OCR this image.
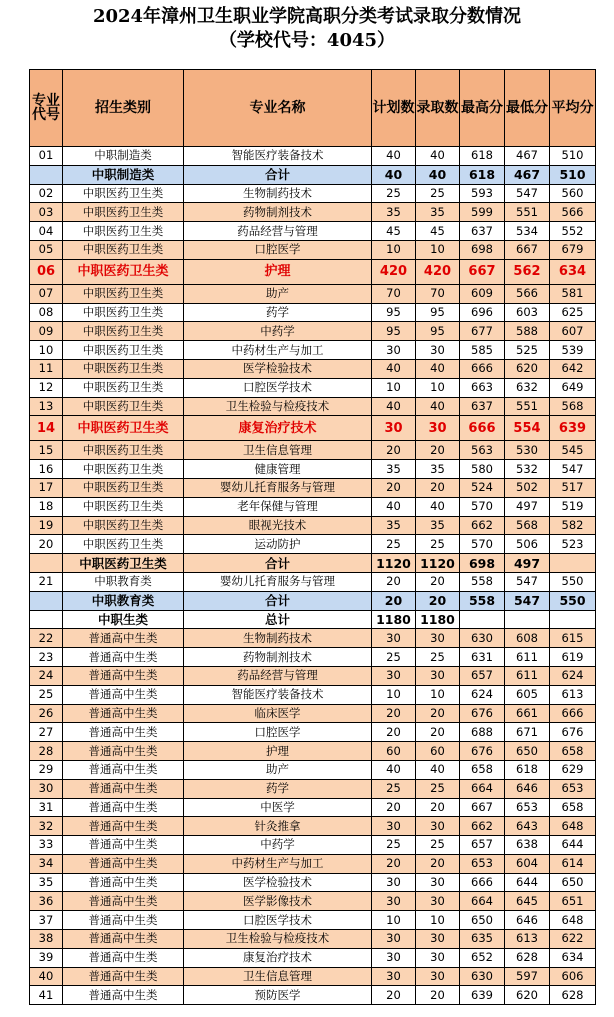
2024年漳州卫生职业学院高职分类考试录取分数情况
（学校代号：4045）
专业代号	招生类别	专业名称	计划数	录取数	最高分	最低分	平均分
01	中职制造类	智能医疗装备技术	40	40	618	467	510
	中职制造类	合计	40	40	618	467	510
02	中职医药卫生类	生物制药技术	25	25	593	547	560
03	中职医药卫生类	药物制剂技术	35	35	599	551	566
04	中职医药卫生类	药品经营与管理	45	45	637	534	552
05	中职医药卫生类	口腔医学	10	10	698	667	679
06	中职医药卫生类	护理	420	420	667	562	634
07	中职医药卫生类	助产	70	70	609	566	581
08	中职医药卫生类	药学	95	95	696	603	625
09	中职医药卫生类	中药学	95	95	677	588	607
10	中职医药卫生类	中药材生产与加工	30	30	585	525	539
11	中职医药卫生类	医学检验技术	40	40	666	620	642
12	中职医药卫生类	口腔医学技术	10	10	663	632	649
13	中职医药卫生类	卫生检验与检疫技术	40	40	637	551	568
14	中职医药卫生类	康复治疗技术	30	30	666	554	639
15	中职医药卫生类	卫生信息管理	20	20	563	530	545
16	中职医药卫生类	健康管理	35	35	580	532	547
17	中职医药卫生类	婴幼儿托育服务与管理	20	20	524	502	517
18	中职医药卫生类	老年保健与管理	40	40	570	497	519
19	中职医药卫生类	眼视光技术	35	35	662	568	582
20	中职医药卫生类	运动防护	25	25	570	506	523
	中职医药卫生类	合计	1120	1120	698	497	
21	中职教育类	婴幼儿托育服务与管理	20	20	558	547	550
	中职教育类	合计	20	20	558	547	550
	中职生类	总计	1180	1180			
22	普通高中生类	生物制药技术	30	30	630	608	615
23	普通高中生类	药物制剂技术	25	25	631	611	619
24	普通高中生类	药品经营与管理	30	30	657	611	624
25	普通高中生类	智能医疗装备技术	10	10	624	605	613
26	普通高中生类	临床医学	20	20	676	661	666
27	普通高中生类	口腔医学	20	20	688	671	676
28	普通高中生类	护理	60	60	676	650	658
29	普通高中生类	助产	40	40	658	618	629
30	普通高中生类	药学	25	25	664	646	653
31	普通高中生类	中医学	20	20	667	653	658
32	普通高中生类	针灸推拿	30	30	662	643	648
33	普通高中生类	中药学	25	25	657	638	644
34	普通高中生类	中药材生产与加工	20	20	653	604	614
35	普通高中生类	医学检验技术	30	30	666	644	650
36	普通高中生类	医学影像技术	30	30	664	645	651
37	普通高中生类	口腔医学技术	10	10	650	646	648
38	普通高中生类	卫生检验与检疫技术	30	30	635	613	622
39	普通高中生类	康复治疗技术	30	30	652	628	634
40	普通高中生类	卫生信息管理	30	30	630	597	606
41	普通高中生类	预防医学	20	20	639	620	628
